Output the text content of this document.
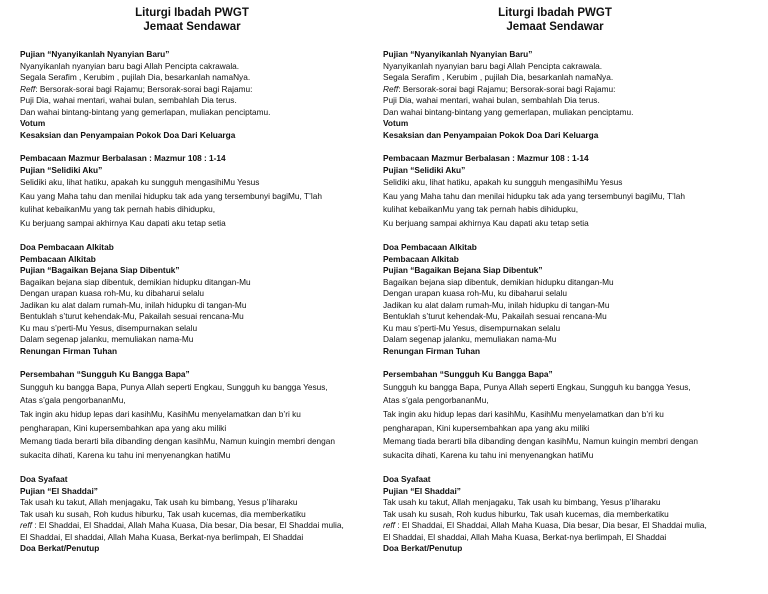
Liturgi Ibadah PWGT
Jemaat Sendawar
Pujian “Nyanyikanlah Nyanyian Baru”
Nyanyikanlah nyanyian baru bagi Allah Pencipta cakrawala.
Segala Serafim , Kerubim , pujilah Dia, besarkanlah namaNya.
Reff: Bersorak-sorai bagi Rajamu; Bersorak-sorai bagi Rajamu:
Puji Dia, wahai mentari, wahai bulan, sembahlah Dia terus.
Dan wahai bintang-bintang yang gemerlapan, muliakan penciptamu.
Votum
Kesaksian dan Penyampaian Pokok Doa Dari Keluarga
Pembacaan Mazmur Berbalasan : Mazmur 108 : 1-14
Pujian “Selidiki Aku”
Selidiki aku, lihat hatiku, apakah ku sungguh mengasihiMu Yesus
Kau yang Maha tahu dan menilai hidupku tak ada yang tersembunyi bagiMu, T’lah
kulihat kebaikanMu yang tak pernah habis dihidupku,
Ku berjuang sampai akhirnya Kau dapati aku tetap setia
Doa Pembacaan Alkitab
Pembacaan Alkitab
Pujian “Bagaikan Bejana Siap Dibentuk”
Bagaikan bejana siap dibentuk, demikian hidupku ditangan-Mu
Dengan urapan kuasa roh-Mu, ku dibaharui selalu
Jadikan ku alat dalam rumah-Mu, inilah hidupku di tangan-Mu
Bentuklah s’turut kehendak-Mu, Pakailah sesuai rencana-Mu
Ku mau s’perti-Mu Yesus, disempurnakan selalu
Dalam segenap jalanku, memuliakan nama-Mu
Renungan Firman Tuhan
Persembahan “Sungguh Ku Bangga Bapa”
Sungguh ku bangga Bapa, Punya Allah seperti Engkau, Sungguh ku bangga Yesus,
Atas s’gala pengorbananMu,
Tak ingin aku hidup lepas dari kasihMu, KasihMu menyelamatkan dan b’ri ku
pengharapan, Kini kupersembahkan apa yang aku miliki
Memang tiada berarti bila dibanding dengan kasihMu, Namun kuingin membri dengan
sukacita dihati, Karena ku tahu ini menyenangkan hatiMu
Doa Syafaat
Pujian “El Shaddai”
Tak usah ku takut, Allah menjagaku, Tak usah ku bimbang, Yesus p’liharaku
Tak usah ku susah, Roh kudus hiburku, Tak usah kucemas, dia memberkatiku
reff : El Shaddai, El Shaddai, Allah Maha Kuasa, Dia besar, Dia besar, El Shaddai mulia,
El Shaddai, El shaddai, Allah Maha Kuasa, Berkat-nya berlimpah, El Shaddai
Doa Berkat/Penutup
Liturgi Ibadah PWGT
Jemaat Sendawar
Pujian “Nyanyikanlah Nyanyian Baru”
Nyanyikanlah nyanyian baru bagi Allah Pencipta cakrawala.
Segala Serafim , Kerubim , pujilah Dia, besarkanlah namaNya.
Reff: Bersorak-sorai bagi Rajamu; Bersorak-sorai bagi Rajamu:
Puji Dia, wahai mentari, wahai bulan, sembahlah Dia terus.
Dan wahai bintang-bintang yang gemerlapan, muliakan penciptamu.
Votum
Kesaksian dan Penyampaian Pokok Doa Dari Keluarga
Pembacaan Mazmur Berbalasan : Mazmur 108 : 1-14
Pujian “Selidiki Aku”
Selidiki aku, lihat hatiku, apakah ku sungguh mengasihiMu Yesus
Kau yang Maha tahu dan menilai hidupku tak ada yang tersembunyi bagiMu, T’lah
kulihat kebaikanMu yang tak pernah habis dihidupku,
Ku berjuang sampai akhirnya Kau dapati aku tetap setia
Doa Pembacaan Alkitab
Pembacaan Alkitab
Pujian “Bagaikan Bejana Siap Dibentuk”
Bagaikan bejana siap dibentuk, demikian hidupku ditangan-Mu
Dengan urapan kuasa roh-Mu, ku dibaharui selalu
Jadikan ku alat dalam rumah-Mu, inilah hidupku di tangan-Mu
Bentuklah s’turut kehendak-Mu, Pakailah sesuai rencana-Mu
Ku mau s’perti-Mu Yesus, disempurnakan selalu
Dalam segenap jalanku, memuliakan nama-Mu
Renungan Firman Tuhan
Persembahan “Sungguh Ku Bangga Bapa”
Sungguh ku bangga Bapa, Punya Allah seperti Engkau, Sungguh ku bangga Yesus,
Atas s’gala pengorbananMu,
Tak ingin aku hidup lepas dari kasihMu, KasihMu menyelamatkan dan b’ri ku
pengharapan, Kini kupersembahkan apa yang aku miliki
Memang tiada berarti bila dibanding dengan kasihMu, Namun kuingin membri dengan
sukacita dihati, Karena ku tahu ini menyenangkan hatiMu
Doa Syafaat
Pujian “El Shaddai”
Tak usah ku takut, Allah menjagaku, Tak usah ku bimbang, Yesus p’liharaku
Tak usah ku susah, Roh kudus hiburku, Tak usah kucemas, dia memberkatiku
reff : El Shaddai, El Shaddai, Allah Maha Kuasa, Dia besar, Dia besar, El Shaddai mulia,
El Shaddai, El shaddai, Allah Maha Kuasa, Berkat-nya berlimpah, El Shaddai
Doa Berkat/Penutup
